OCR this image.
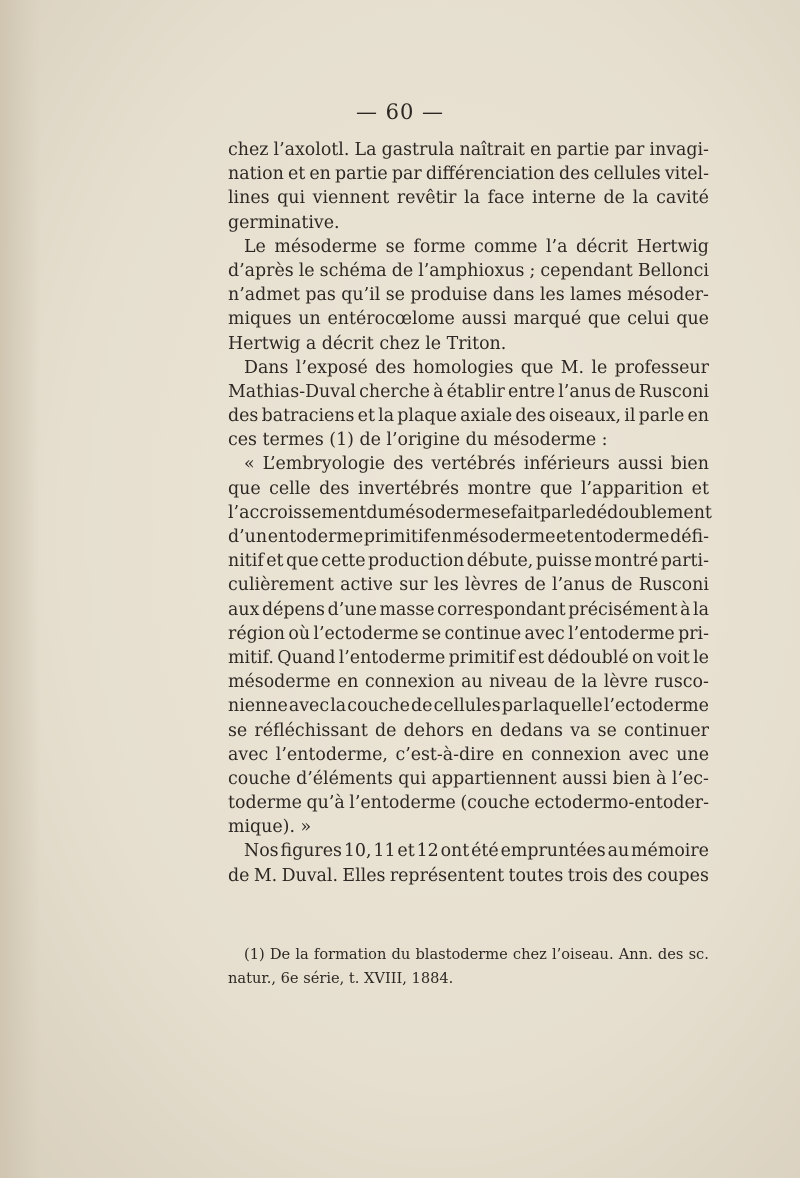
— 60 —
chez l’axolotl. La gastrula naîtrait en partie par invagi-
nation et en partie par différenciation des cellules vitel-
lines qui viennent revêtir la face interne de la cavité
germinative.
Le mésoderme se forme comme l’a décrit Hertwig
d’après le schéma de l’amphioxus ; cependant Bellonci
n’admet pas qu’il se produise dans les lames mésoder-
miques un entérocœlome aussi marqué que celui que
Hertwig a décrit chez le Triton.
Dans l’exposé des homologies que M. le professeur
Mathias-Duval cherche à établir entre l’anus de Rusconi
des batraciens et la plaque axiale des oiseaux, il parle en
ces termes (1) de l’origine du mésoderme :
« L’embryologie des vertébrés inférieurs aussi bien
que celle des invertébrés montre que l’apparition et
l’accroissement du mésoderme se fait par le dédoublement
d’un entoderme primitif en mésoderme et entoderme défi-
nitif et que cette production débute, puisse montré parti-
culièrement active sur les lèvres de l’anus de Rusconi
aux dépens d’une masse correspondant précisément à la
région où l’ectoderme se continue avec l’entoderme pri-
mitif. Quand l’entoderme primitif est dédoublé on voit le
mésoderme en connexion au niveau de la lèvre rusco-
nienne avec la couche de cellules par laquelle l’ectoderme
se réfléchissant de dehors en dedans va se continuer
avec l’entoderme, c’est-à-dire en connexion avec une
couche d’éléments qui appartiennent aussi bien à l’ec-
toderme qu’à l’entoderme (couche ectodermo-entoder-
mique). »
Nos figures 10, 11 et 12 ont été empruntées au mémoire
de M. Duval. Elles représentent toutes trois des coupes
(1) De la formation du blastoderme chez l’oiseau. Ann. des sc.
natur., 6e série, t. XVIII, 1884.
